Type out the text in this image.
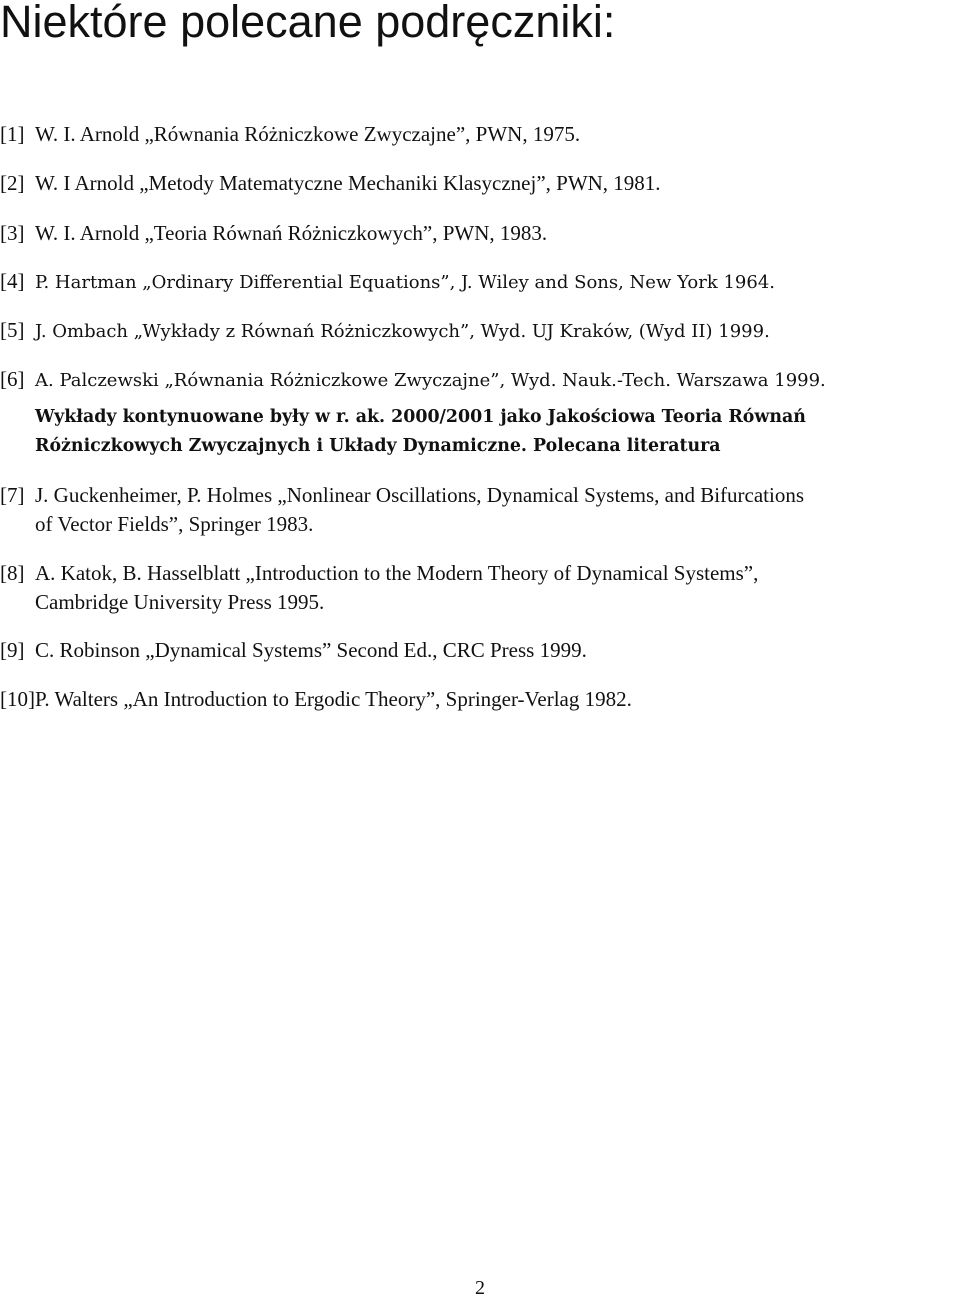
Niektóre polecane podręczniki:
[1] W. I. Arnold „Równania Różniczkowe Zwyczajne”, PWN, 1975.
[2] W. I Arnold „Metody Matematyczne Mechaniki Klasycznej”, PWN, 1981.
[3] W. I. Arnold „Teoria Równań Różniczkowych”, PWN, 1983.
[4] P. Hartman „Ordinary Differential Equations”, J. Wiley and Sons, New York 1964.
[5] J. Ombach „Wykłady z Równań Różniczkowych”, Wyd. UJ Kraków, (Wyd II) 1999.
[6] A. Palczewski „Równania Różniczkowe Zwyczajne”, Wyd. Nauk.-Tech. Warszawa 1999.
Wykłady kontynuowane były w r. ak. 2000/2001 jako Jakościowa Teoria Równań
Różniczkowych Zwyczajnych i Układy Dynamiczne. Polecana literatura
[7] J. Guckenheimer, P. Holmes „Nonlinear Oscillations, Dynamical Systems, and Bifurcations
of Vector Fields”, Springer 1983.
[8] A. Katok, B. Hasselblatt „Introduction to the Modern Theory of Dynamical Systems”,
Cambridge University Press 1995.
[9] C. Robinson „Dynamical Systems” Second Ed., CRC Press 1999.
[10]P. Walters „An Introduction to Ergodic Theory”, Springer-Verlag 1982.
2
